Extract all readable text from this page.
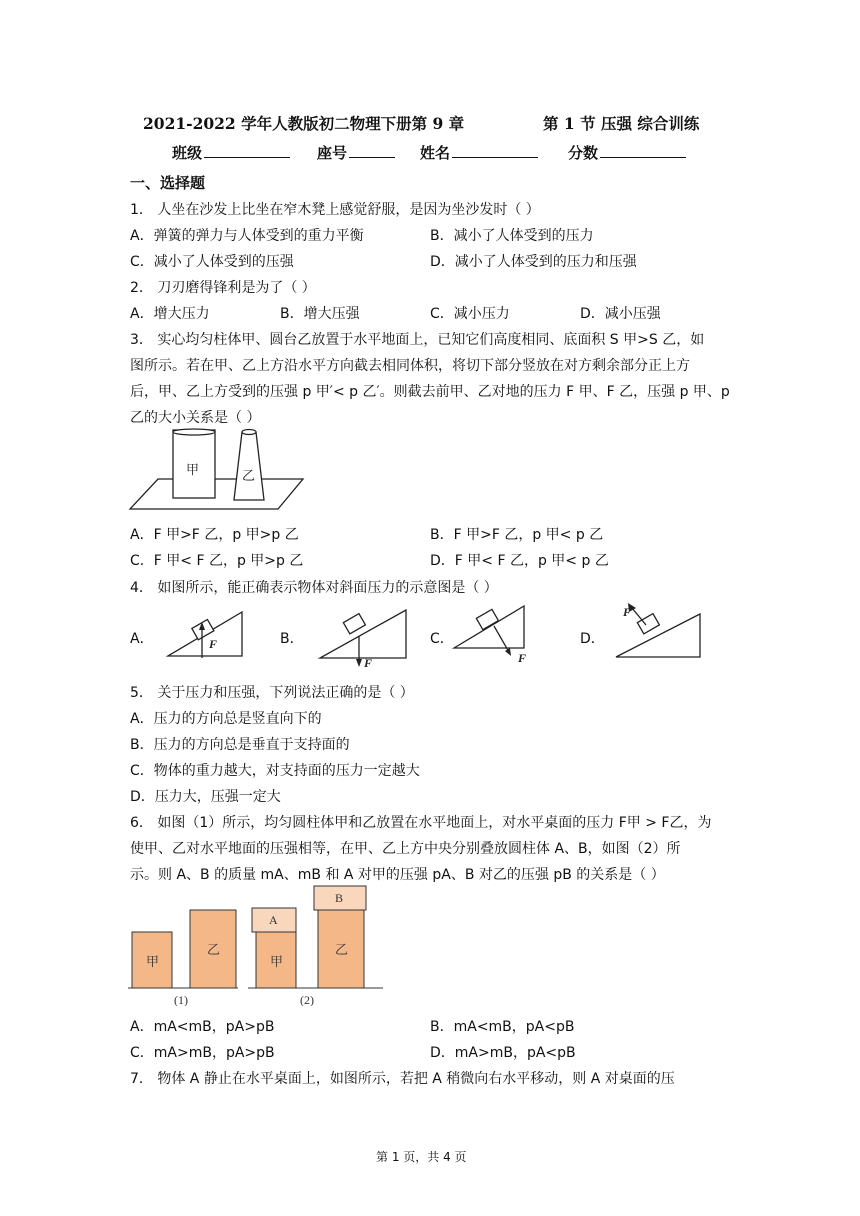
2021-2022 学年人教版初二物理下册第 9 章	第 1 节 压强 综合训练
班级	座号	姓名	分数
一、选择题
1． 人坐在沙发上比坐在窄木凳上感觉舒服，是因为坐沙发时（ ）
A．弹簧的弹力与人体受到的重力平衡	B．减小了人体受到的压力
C．减小了人体受到的压强	D．减小了人体受到的压力和压强
2． 刀刃磨得锋利是为了（ ）
A．增大压力	B．增大压强	C．减小压力	D．减小压强
3． 实心均匀柱体甲、圆台乙放置于水平地面上，已知它们高度相同、底面积 S 甲>S 乙，如
图所示。若在甲、乙上方沿水平方向截去相同体积，将切下部分竖放在对方剩余部分正上方
后，甲、乙上方受到的压强 p 甲′< p 乙′。则截去前甲、乙对地的压力 F 甲、F 乙，压强 p 甲、p
乙的大小关系是（ ）
甲	乙
A．F 甲>F 乙，p 甲>p 乙	B．F 甲>F 乙，p 甲< p 乙
C．F 甲< F 乙，p 甲>p 乙	D．F 甲< F 乙，p 甲< p 乙
4． 如图所示，能正确表示物体对斜面压力的示意图是（ ）
A．	F	B．
F
C．
F
D．
F
5． 关于压力和压强，下列说法正确的是（ ）
A．压力的方向总是竖直向下的
B．压力的方向总是垂直于支持面的
C．物体的重力越大，对支持面的压力一定越大
D．压力大，压强一定大
6． 如图（1）所示，均匀圆柱体甲和乙放置在水平地面上，对水平桌面的压力 F甲 > F乙，为
使甲、乙对水平地面的压强相等，在甲、乙上方中央分别叠放圆柱体 A、B，如图（2）所
示。则 A、B 的质量 mA、mB 和 A 对甲的压强 pA、B 对乙的压强 pB 的关系是（ ）
甲
乙
A
甲
B
乙
(1)	(2)
A．mA<mB，pA>pB	B．mA<mB，pA<pB
C．mA>mB，pA>pB	D．mA>mB，pA<pB
7． 物体 A 静止在水平桌面上，如图所示，若把 A 稍微向右水平移动，则 A 对桌面的压
第 1 页，共 4 页
